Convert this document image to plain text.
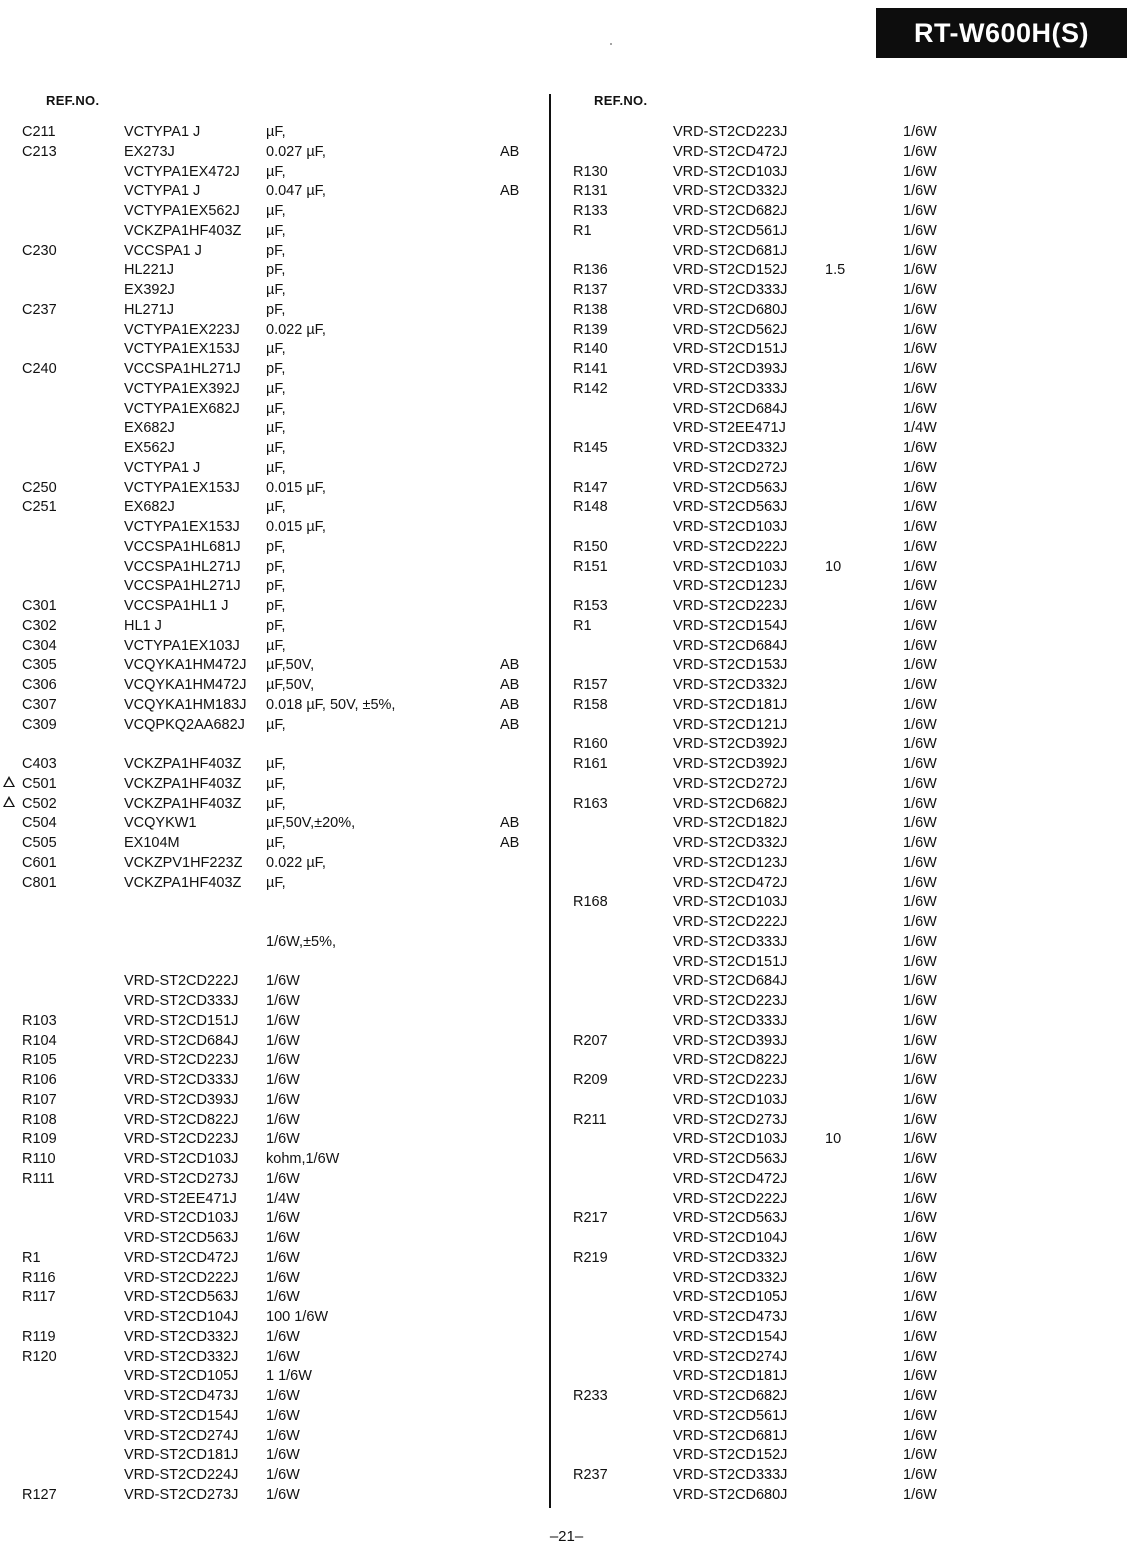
RT-W600H(S)
REF.NO.
C211	VCTYPA1 J	µF,
C213	EX273J	0.027 µF,	AB
VCTYPA1EX472J µF,
VCTYPA1 J	0.047 µF,	AB
VCTYPA1EX562J µF,
VCKZPA1HF403Z µF,
C230	VCCSPA1 J	pF,
HL221J	pF,
EX392J	µF,
C237	HL271J	pF,
VCTYPA1EX223J 0.022 µF,
VCTYPA1EX153J µF,
C240	VCCSPA1HL271J pF,
VCTYPA1EX392J µF,
VCTYPA1EX682J µF,
EX682J	µF,
EX562J	µF,
VCTYPA1 J	µF,
C250	VCTYPA1EX153J 0.015 µF,
C251	EX682J	µF,
VCTYPA1EX153J 0.015 µF,
VCCSPA1HL681J pF,
VCCSPA1HL271J pF,
VCCSPA1HL271J pF,
C301	VCCSPA1HL1 J	pF,
C302	HL1 J	pF,
C304	VCTYPA1EX103J µF,
C305	VCQYKA1HM472J µF,50V,	AB
C306	VCQYKA1HM472J µF,50V,	AB
C307	VCQYKA1HM183J 0.018 µF, 50V, ±5%,	AB
C309	VCQPKQ2AA682J µF,	AB
C403	VCKZPA1HF403Z µF,
C501	VCKZPA1HF403Z µF,
C502	VCKZPA1HF403Z µF,
C504	VCQYKW1	µF,50V,±20%,	AB
C505	EX104M	µF,	AB
C601	VCKZPV1HF223Z 0.022 µF,
C801	VCKZPA1HF403Z µF,
1/6W,±5%,
VRD-ST2CD222J 1/6W
VRD-ST2CD333J 1/6W
R103	VRD-ST2CD151J 1/6W
R104	VRD-ST2CD684J 1/6W
R105	VRD-ST2CD223J 1/6W
R106	VRD-ST2CD333J 1/6W
R107	VRD-ST2CD393J 1/6W
R108	VRD-ST2CD822J 1/6W
R109	VRD-ST2CD223J 1/6W
R110	VRD-ST2CD103J kohm,1/6W
R111	VRD-ST2CD273J 1/6W
VRD-ST2EE471J 1/4W
VRD-ST2CD103J 1/6W
VRD-ST2CD563J 1/6W
R1	VRD-ST2CD472J 1/6W
R116	VRD-ST2CD222J 1/6W
R117	VRD-ST2CD563J 1/6W
VRD-ST2CD104J 100 1/6W
R119	VRD-ST2CD332J 1/6W
R120	VRD-ST2CD332J 1/6W
VRD-ST2CD105J 1 1/6W
VRD-ST2CD473J 1/6W
VRD-ST2CD154J 1/6W
VRD-ST2CD274J 1/6W
VRD-ST2CD181J 1/6W
VRD-ST2CD224J 1/6W
R127	VRD-ST2CD273J 1/6W
REF.NO.
VRD-ST2CD223J	1/6W
VRD-ST2CD472J	1/6W
R130	VRD-ST2CD103J	1/6W
R131	VRD-ST2CD332J	1/6W
R133	VRD-ST2CD682J	1/6W
R1	VRD-ST2CD561J	1/6W
VRD-ST2CD681J	1/6W
R136	VRD-ST2CD152J	1.5	1/6W
R137	VRD-ST2CD333J	1/6W
R138	VRD-ST2CD680J	1/6W
R139	VRD-ST2CD562J	1/6W
R140	VRD-ST2CD151J	1/6W
R141	VRD-ST2CD393J	1/6W
R142	VRD-ST2CD333J	1/6W
VRD-ST2CD684J	1/6W
VRD-ST2EE471J	1/4W
R145	VRD-ST2CD332J	1/6W
VRD-ST2CD272J	1/6W
R147	VRD-ST2CD563J	1/6W
R148	VRD-ST2CD563J	1/6W
VRD-ST2CD103J	1/6W
R150	VRD-ST2CD222J	1/6W
R151	VRD-ST2CD103J	10	1/6W
VRD-ST2CD123J	1/6W
R153	VRD-ST2CD223J	1/6W
R1	VRD-ST2CD154J	1/6W
VRD-ST2CD684J	1/6W
VRD-ST2CD153J	1/6W
R157	VRD-ST2CD332J	1/6W
R158	VRD-ST2CD181J	1/6W
VRD-ST2CD121J	1/6W
R160	VRD-ST2CD392J	1/6W
R161	VRD-ST2CD392J	1/6W
VRD-ST2CD272J	1/6W
R163	VRD-ST2CD682J	1/6W
VRD-ST2CD182J	1/6W
VRD-ST2CD332J	1/6W
VRD-ST2CD123J	1/6W
VRD-ST2CD472J	1/6W
R168	VRD-ST2CD103J	1/6W
VRD-ST2CD222J	1/6W
VRD-ST2CD333J	1/6W
VRD-ST2CD151J	1/6W
VRD-ST2CD684J	1/6W
VRD-ST2CD223J	1/6W
VRD-ST2CD333J	1/6W
R207	VRD-ST2CD393J	1/6W
VRD-ST2CD822J	1/6W
R209	VRD-ST2CD223J	1/6W
VRD-ST2CD103J	1/6W
R211	VRD-ST2CD273J	1/6W
VRD-ST2CD103J	10	1/6W
VRD-ST2CD563J	1/6W
VRD-ST2CD472J	1/6W
VRD-ST2CD222J	1/6W
R217	VRD-ST2CD563J	1/6W
VRD-ST2CD104J	1/6W
R219	VRD-ST2CD332J	1/6W
VRD-ST2CD332J	1/6W
VRD-ST2CD105J	1/6W
VRD-ST2CD473J	1/6W
VRD-ST2CD154J	1/6W
VRD-ST2CD274J	1/6W
VRD-ST2CD181J	1/6W
R233	VRD-ST2CD682J	1/6W
VRD-ST2CD561J	1/6W
VRD-ST2CD681J	1/6W
VRD-ST2CD152J	1/6W
R237	VRD-ST2CD333J	1/6W
VRD-ST2CD680J	1/6W
–21–
